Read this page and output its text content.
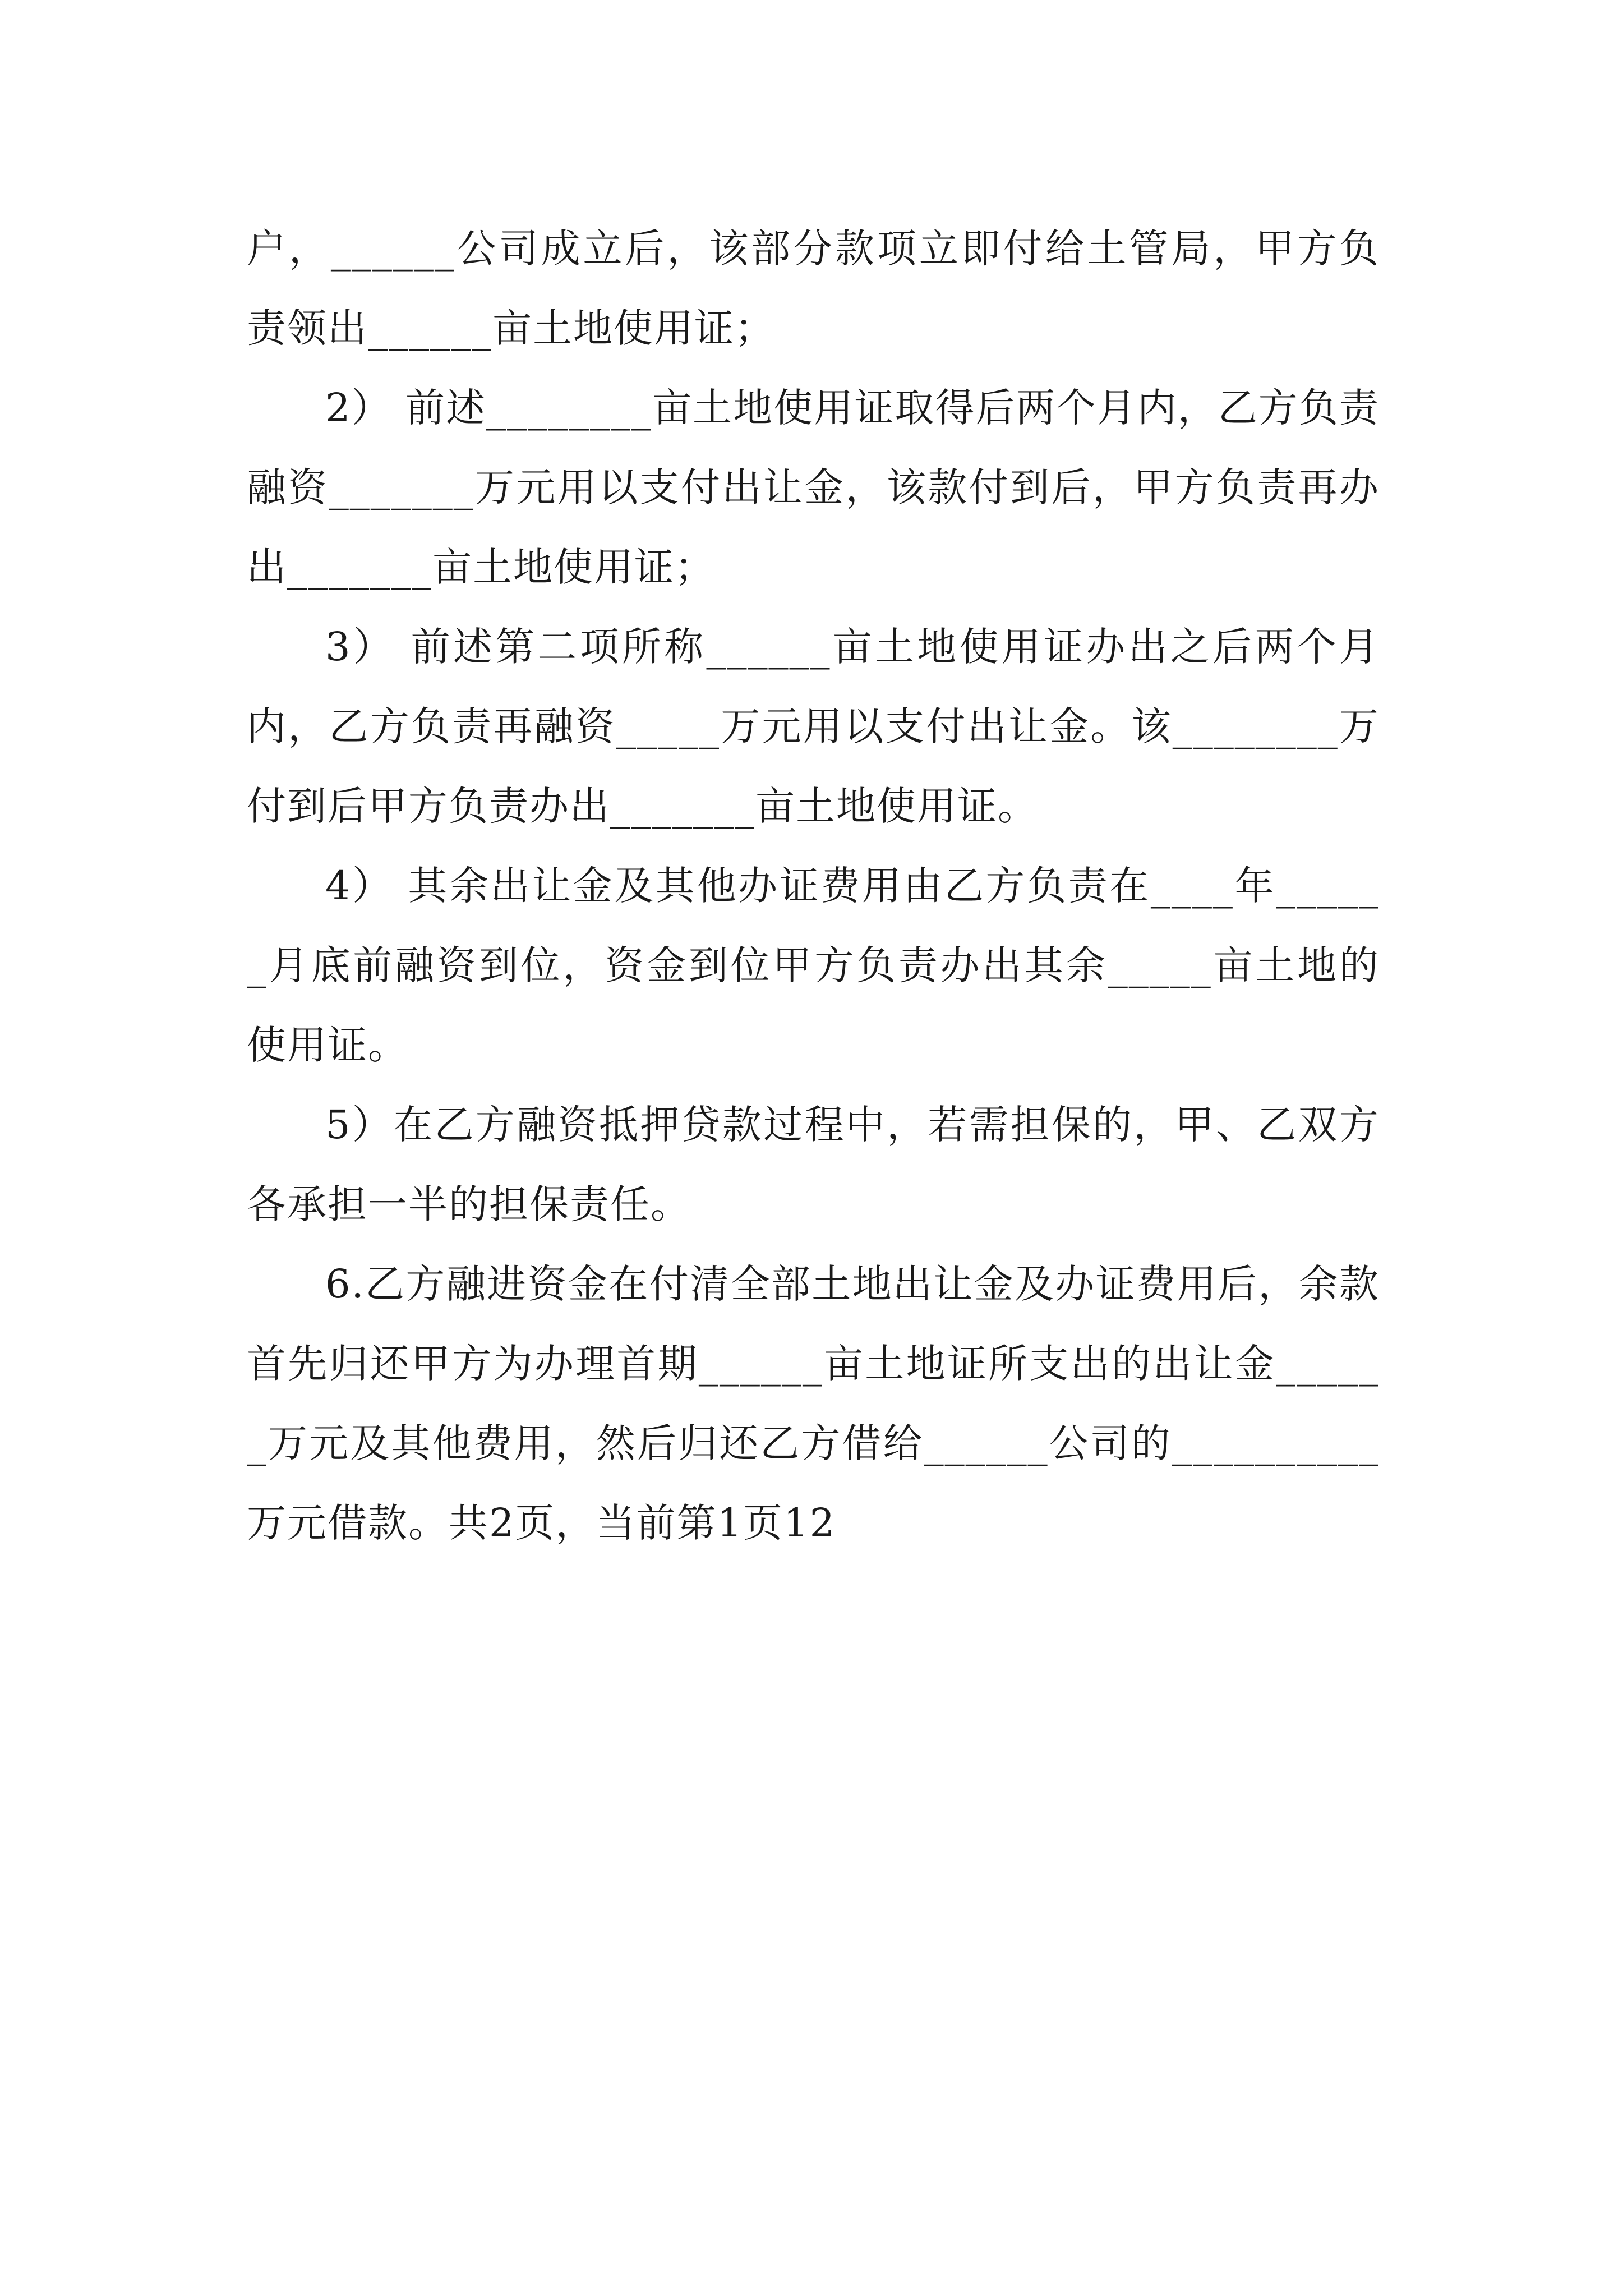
户，______公司成立后，该部分款项立即付给土管局，甲方负责领出______亩土地使用证；

2） 前述________亩土地使用证取得后两个月内，乙方负责融资_______万元用以支付出让金，该款付到后，甲方负责再办出_______亩土地使用证；

3） 前述第二项所称______亩土地使用证办出之后两个月内，乙方负责再融资_____万元用以支付出让金。该________万付到后甲方负责办出_______亩土地使用证。

4） 其余出让金及其他办证费用由乙方负责在____年______月底前融资到位，资金到位甲方负责办出其余_____亩土地的使用证。

5）在乙方融资抵押贷款过程中，若需担保的，甲、乙双方各承担一半的担保责任。

6.乙方融进资金在付清全部土地出让金及办证费用后，余款首先归还甲方为办理首期______亩土地证所支出的出让金______万元及其他费用，然后归还乙方借给______公司的__________万元借款。共2页，当前第1页12
